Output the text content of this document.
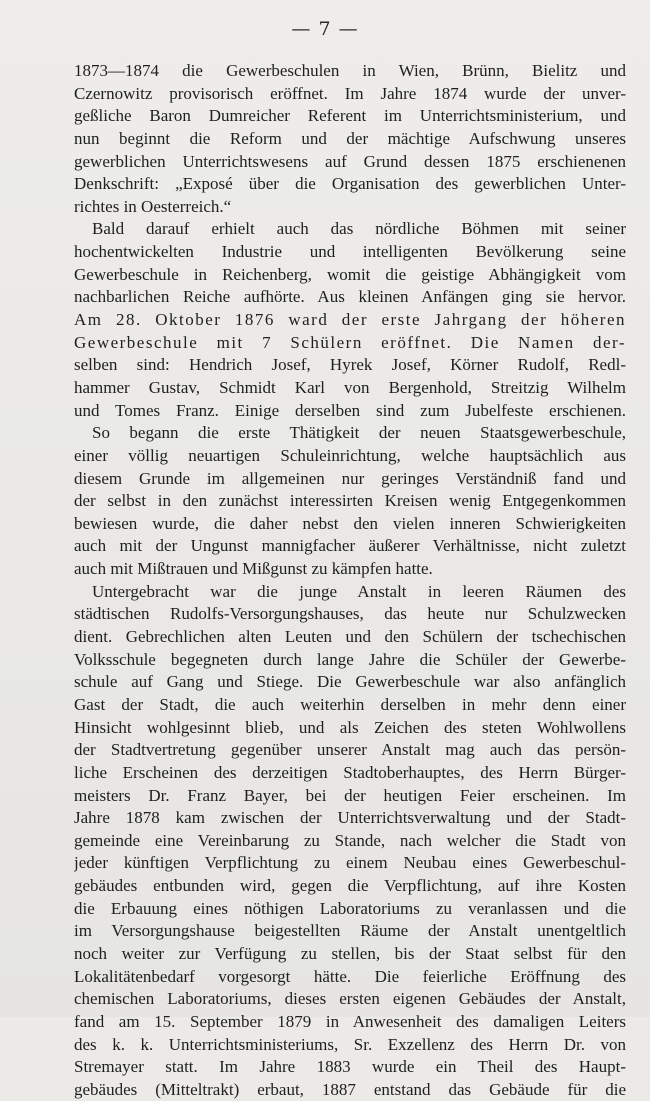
— 7 —
1873—1874 die Gewerbeschulen in Wien, Brünn, Bielitz und
Czernowitz provisorisch eröffnet. Im Jahre 1874 wurde der unver-
geßliche Baron Dumreicher Referent im Unterrichtsministerium, und
nun beginnt die Reform und der mächtige Aufschwung unseres
gewerblichen Unterrichtswesens auf Grund dessen 1875 erschienenen
Denkschrift: „Exposé über die Organisation des gewerblichen Unter-
richtes in Oesterreich.“
Bald darauf erhielt auch das nördliche Böhmen mit seiner
hochentwickelten Industrie und intelligenten Bevölkerung seine
Gewerbeschule in Reichenberg, womit die geistige Abhängigkeit vom
nachbarlichen Reiche aufhörte. Aus kleinen Anfängen ging sie hervor.
Am 28. Oktober 1876 ward der erste Jahrgang der höheren
Gewerbeschule mit 7 Schülern eröffnet. Die Namen der-
selben sind: Hendrich Josef, Hyrek Josef, Körner Rudolf, Redl-
hammer Gustav, Schmidt Karl von Bergenhold, Streitzig Wilhelm
und Tomes Franz. Einige derselben sind zum Jubelfeste erschienen.
So begann die erste Thätigkeit der neuen Staatsgewerbeschule,
einer völlig neuartigen Schuleinrichtung, welche hauptsächlich aus
diesem Grunde im allgemeinen nur geringes Verständniß fand und
der selbst in den zunächst interessirten Kreisen wenig Entgegenkommen
bewiesen wurde, die daher nebst den vielen inneren Schwierigkeiten
auch mit der Ungunst mannigfacher äußerer Verhältnisse, nicht zuletzt
auch mit Mißtrauen und Mißgunst zu kämpfen hatte.
Untergebracht war die junge Anstalt in leeren Räumen des
städtischen Rudolfs-Versorgungshauses, das heute nur Schulzwecken
dient. Gebrechlichen alten Leuten und den Schülern der tschechischen
Volksschule begegneten durch lange Jahre die Schüler der Gewerbe-
schule auf Gang und Stiege. Die Gewerbeschule war also anfänglich
Gast der Stadt, die auch weiterhin derselben in mehr denn einer
Hinsicht wohlgesinnt blieb, und als Zeichen des steten Wohlwollens
der Stadtvertretung gegenüber unserer Anstalt mag auch das persön-
liche Erscheinen des derzeitigen Stadtoberhauptes, des Herrn Bürger-
meisters Dr. Franz Bayer, bei der heutigen Feier erscheinen. Im
Jahre 1878 kam zwischen der Unterrichtsverwaltung und der Stadt-
gemeinde eine Vereinbarung zu Stande, nach welcher die Stadt von
jeder künftigen Verpflichtung zu einem Neubau eines Gewerbeschul-
gebäudes entbunden wird, gegen die Verpflichtung, auf ihre Kosten
die Erbauung eines nöthigen Laboratoriums zu veranlassen und die
im Versorgungshause beigestellten Räume der Anstalt unentgeltlich
noch weiter zur Verfügung zu stellen, bis der Staat selbst für den
Lokalitätenbedarf vorgesorgt hätte. Die feierliche Eröffnung des
chemischen Laboratoriums, dieses ersten eigenen Gebäudes der Anstalt,
fand am 15. September 1879 in Anwesenheit des damaligen Leiters
des k. k. Unterrichtsministeriums, Sr. Exzellenz des Herrn Dr. von
Stremayer statt. Im Jahre 1883 wurde ein Theil des Haupt-
gebäudes (Mitteltrakt) erbaut, 1887 entstand das Gebäude für die
